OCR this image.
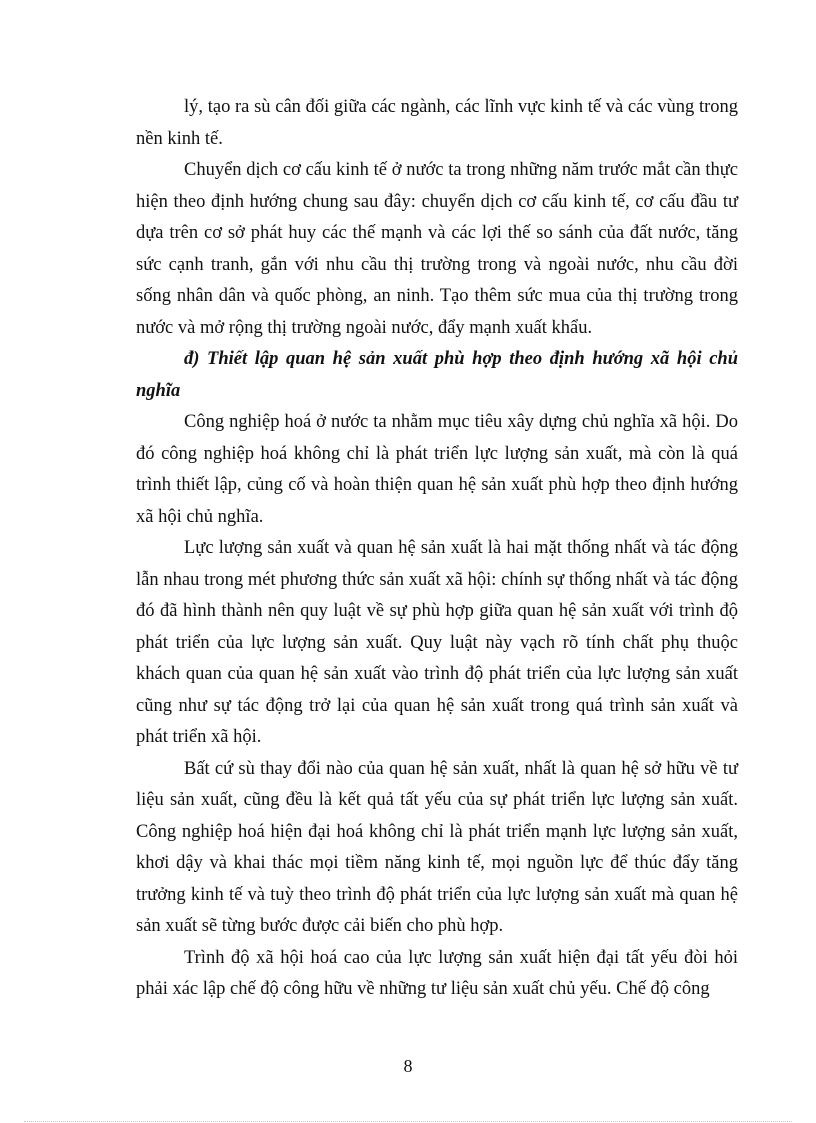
lý, tạo ra sù cân đối giữa các ngành, các lĩnh vực kinh tế và các vùng trong nền kinh tế.

Chuyển dịch cơ cấu kinh tế ở nước ta trong những năm trước mắt cần thực hiện theo định hướng chung sau đây: chuyển dịch cơ cấu kinh tế, cơ cấu đầu tư dựa trên cơ sở phát huy các thế mạnh và các lợi thế so sánh của đất nước, tăng sức cạnh tranh, gắn với nhu cầu thị trường trong và ngoài nước, nhu cầu đời sống nhân dân và quốc phòng, an ninh. Tạo thêm sức mua của thị trường trong nước và mở rộng thị trường ngoài nước, đẩy mạnh xuất khẩu.

đ) Thiết lập quan hệ sản xuất phù hợp theo định hướng xã hội chủ nghĩa

Công nghiệp hoá ở nước ta nhằm mục tiêu xây dựng chủ nghĩa xã hội. Do đó công nghiệp hoá không chỉ là phát triển lực lượng sản xuất, mà còn là quá trình thiết lập, củng cố và hoàn thiện quan hệ sản xuất phù hợp theo định hướng xã hội chủ nghĩa.

Lực lượng sản xuất và quan hệ sản xuất là hai mặt thống nhất và tác động lẫn nhau trong mét phương thức sản xuất xã hội: chính sự thống nhất và tác động đó đã hình thành nên quy luật về sự phù hợp giữa quan hệ sản xuất với trình độ phát triển của lực lượng sản xuất. Quy luật này vạch rõ tính chất phụ thuộc khách quan của quan hệ sản xuất vào trình độ phát triển của lực lượng sản xuất cũng như sự tác động trở lại của quan hệ sản xuất trong quá trình sản xuất và phát triển xã hội.

Bất cứ sù thay đổi nào của quan hệ sản xuất, nhất là quan hệ sở hữu về tư liệu sản xuất, cũng đều là kết quả tất yếu của sự phát triển lực lượng sản xuất. Công nghiệp hoá hiện đại hoá không chỉ là phát triển mạnh lực lượng sản xuất, khơi dậy và khai thác mọi tiềm năng kinh tế, mọi nguồn lực để thúc đẩy tăng trưởng kinh tế và tuỳ theo trình độ phát triển của lực lượng sản xuất mà quan hệ sản xuất sẽ từng bước được cải biến cho phù hợp.

Trình độ xã hội hoá cao của lực lượng sản xuất hiện đại tất yếu đòi hỏi phải xác lập chế độ công hữu về những tư liệu sản xuất chủ yếu. Chế độ công

8
